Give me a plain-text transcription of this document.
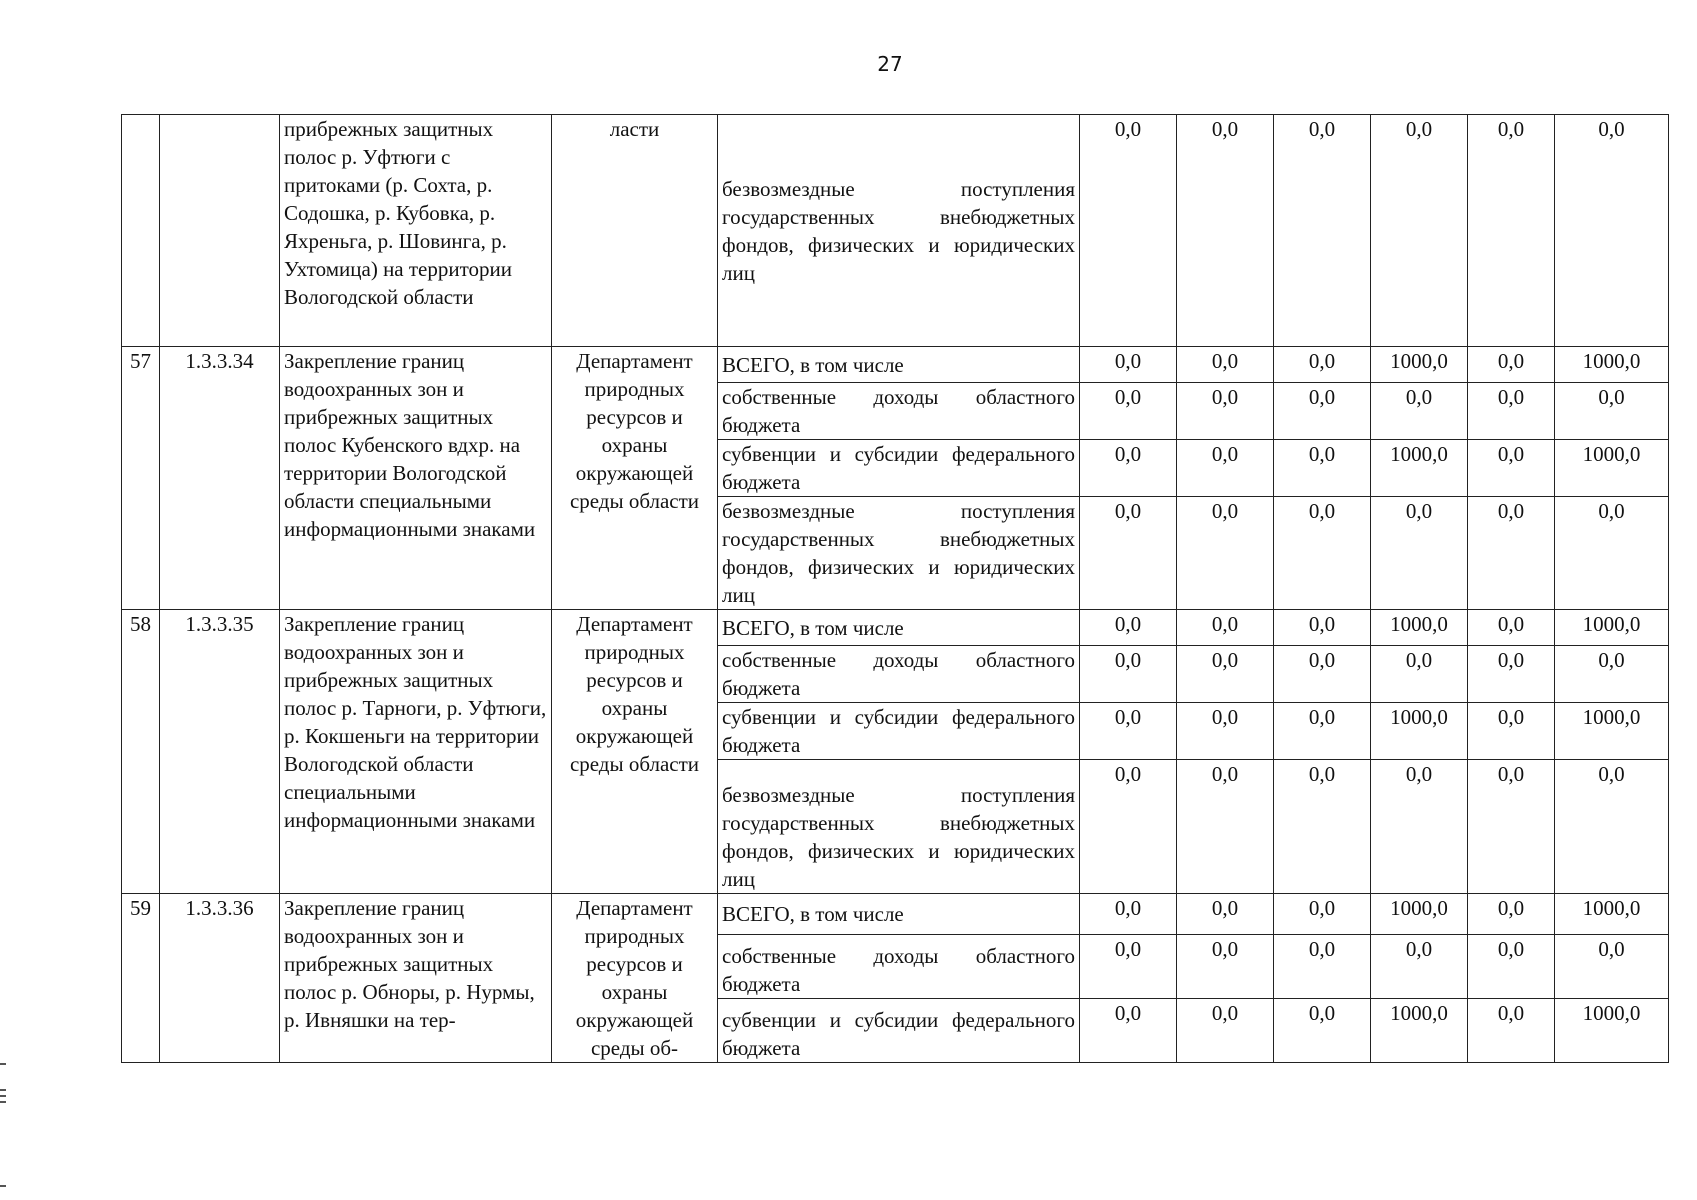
27
		прибрежных защитных полос р. Уфтюги с притоками (р. Сохта, р. Содошка, р. Кубовка, р. Яхреньга, р. Шовинга, р. Ухтомица) на территории Вологодской области	ласти	безвозмездные поступления государственных внебюджетных фондов, физических и юридических лиц	0,0	0,0	0,0	0,0	0,0	0,0
57	1.3.3.34	Закрепление границ водоохранных зон и прибрежных защитных полос Кубенского вдхр. на территории Вологодской области специальными информационными знаками	Департамент природных ресурсов и охраны окружающей среды области	ВСЕГО, в том числе	0,0	0,0	0,0	1000,0	0,0	1000,0
				собственные доходы областного бюджета	0,0	0,0	0,0	0,0	0,0	0,0
				субвенции и субсидии федерального бюджета	0,0	0,0	0,0	1000,0	0,0	1000,0
				безвозмездные поступления государственных внебюджетных фондов, физических и юридических лиц	0,0	0,0	0,0	0,0	0,0	0,0
58	1.3.3.35	Закрепление границ водоохранных зон и прибрежных защитных полос р. Тарноги, р. Уфтюги, р. Кокшеньги на территории Вологодской области специальными информационными знаками	Департамент природных ресурсов и охраны окружающей среды области	ВСЕГО, в том числе	0,0	0,0	0,0	1000,0	0,0	1000,0
				собственные доходы областного бюджета	0,0	0,0	0,0	0,0	0,0	0,0
				субвенции и субсидии федерального бюджета	0,0	0,0	0,0	1000,0	0,0	1000,0
				безвозмездные поступления государственных внебюджетных фондов, физических и юридических лиц	0,0	0,0	0,0	0,0	0,0	0,0
59	1.3.3.36	Закрепление границ водоохранных зон и прибрежных защитных полос р. Обноры, р. Нурмы, р. Ивняшки на тер-	Департамент природных ресурсов и охраны окружающей среды об-	ВСЕГО, в том числе	0,0	0,0	0,0	1000,0	0,0	1000,0
				собственные доходы областного бюджета	0,0	0,0	0,0	0,0	0,0	0,0
				субвенции и субсидии федерального бюджета	0,0	0,0	0,0	1000,0	0,0	1000,0
